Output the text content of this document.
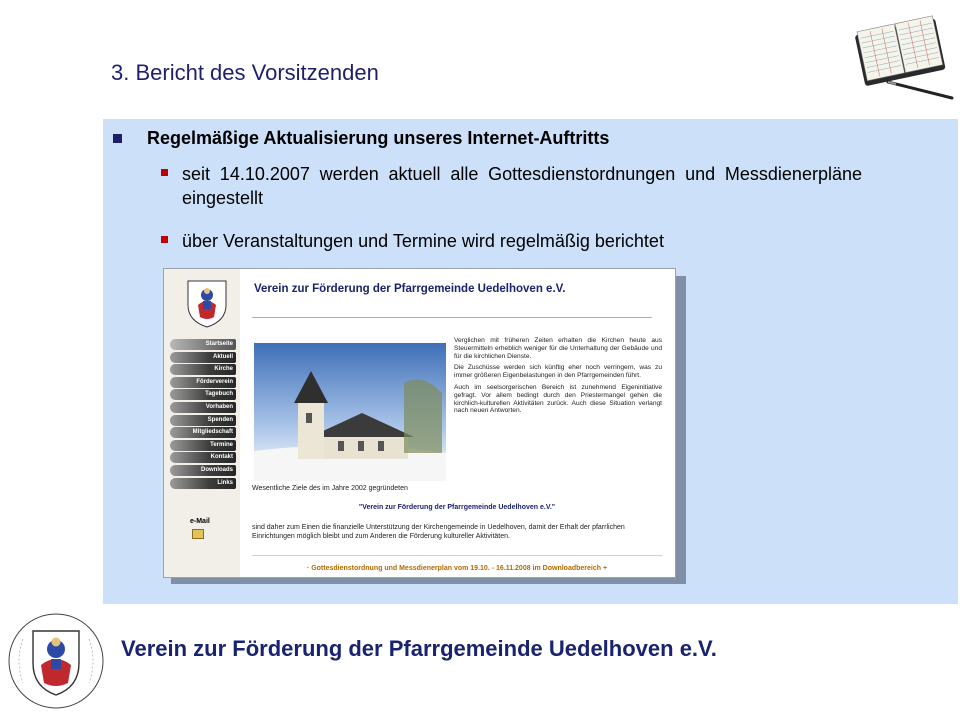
3. Bericht des Vorsitzenden
Regelmäßige Aktualisierung unseres Internet-Auftritts
seit 14.10.2007 werden aktuell alle Gottesdienstordnungen und Messdienerpläne eingestellt
über Veranstaltungen und Termine wird regelmäßig berichtet
Startseite
Aktuell
Kirche
Förderverein
Tagebuch
Vorhaben
Spenden
Mitgliedschaft
Termine
Kontakt
Downloads
Links
e-Mail
Verein zur Förderung der Pfarrgemeinde Uedelhoven e.V.
Wesentliche Ziele des im Jahre 2002 gegründeten

Verglichen mit früheren Zeiten erhalten die Kirchen heute aus Steuermitteln erheblich weniger für die Unterhaltung der Gebäude und für die kirchlichen Dienste.

Die Zuschüsse werden sich künftig eher noch verringern, was zu immer größeren Eigenbelastungen in den Pfarrgemeinden führt.

Auch im seelsorgerischen Bereich ist zunehmend Eigeninitiative gefragt. Vor allem bedingt durch den Priestermangel gehen die kirchlich-kulturellen Aktivitäten zurück. Auch diese Situation verlangt nach neuen Antworten.

"Verein zur Förderung der Pfarrgemeinde Uedelhoven e.V."
sind daher zum Einen die finanzielle Unterstützung der Kirchengemeinde in Uedelhoven, damit der Erhalt der pfarrlichen Einrichtungen möglich bleibt und zum Anderen die Förderung kultureller Aktivitäten.
· Gottesdienstordnung und Messdienerplan vom 19.10. - 16.11.2008 im Downloadbereich +
Verein zur Förderung der Pfarrgemeinde Uedelhoven e.V.
